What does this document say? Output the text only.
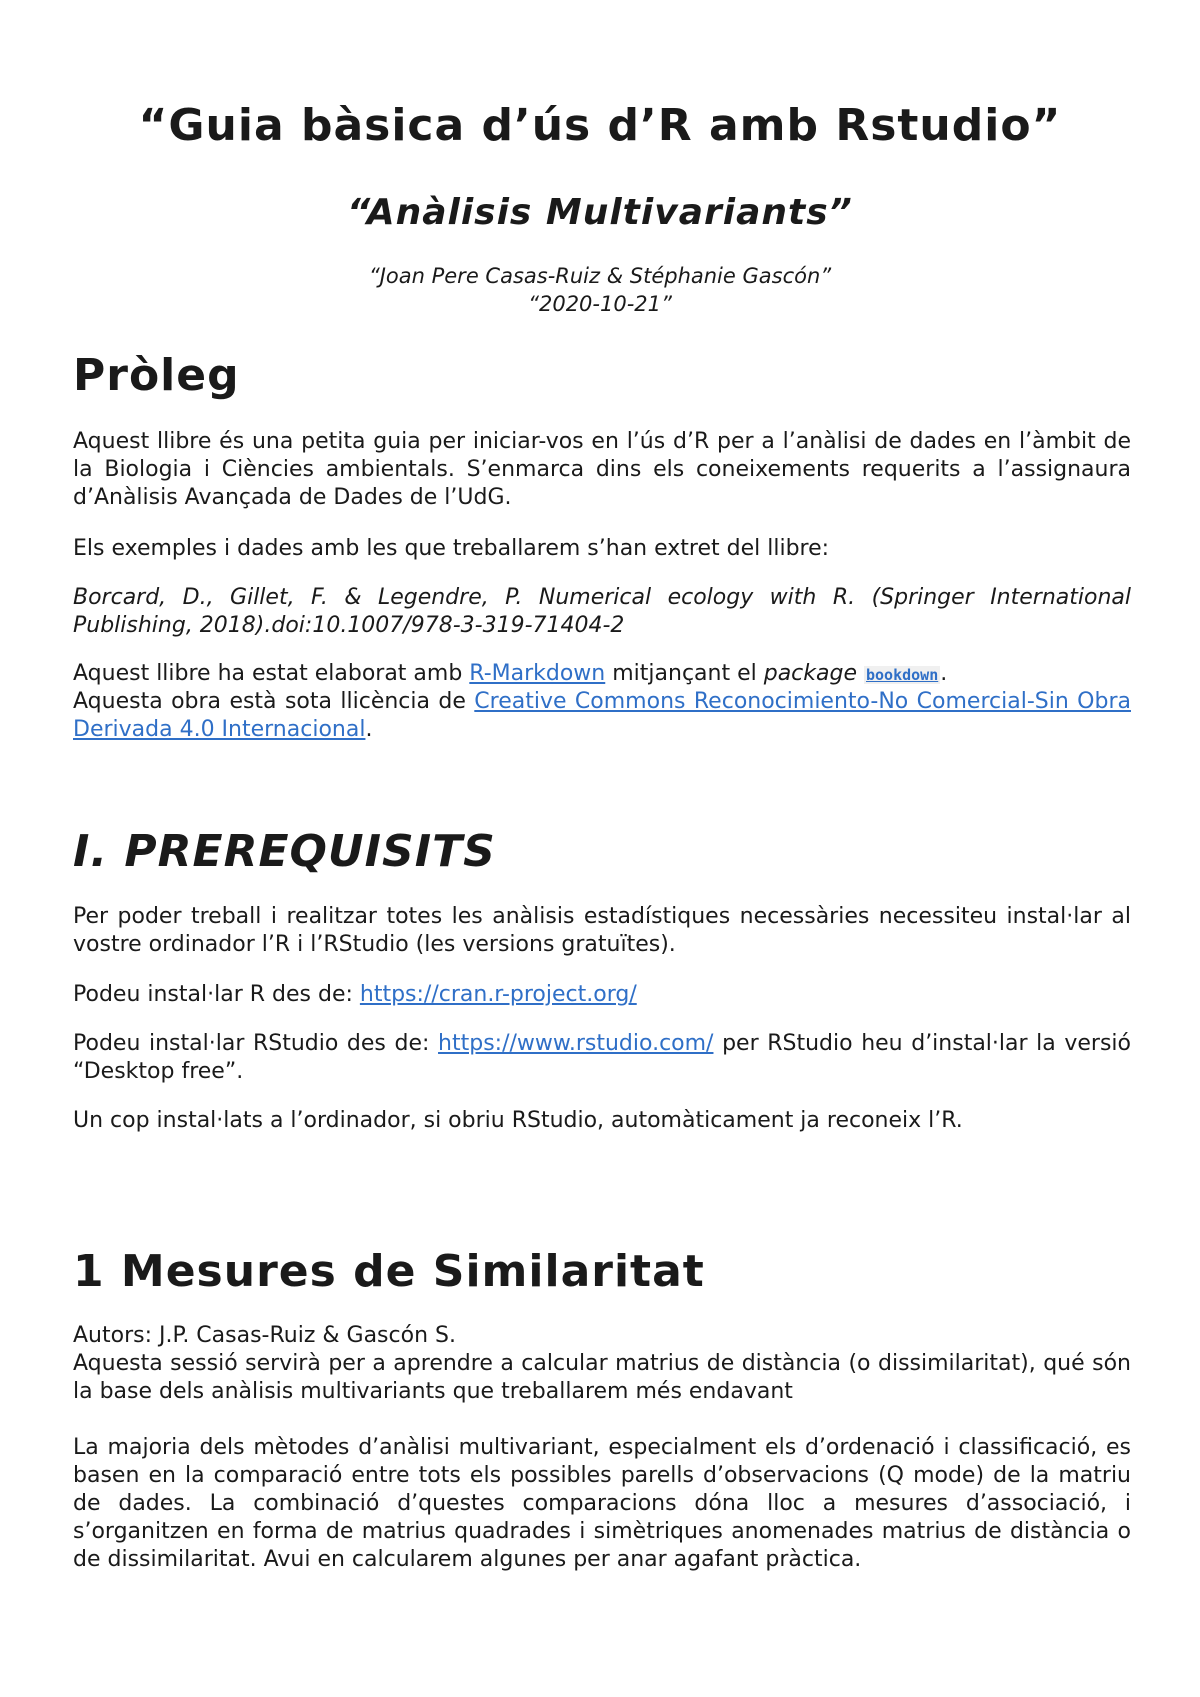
“Guia bàsica d’ús d’R amb Rstudio”
“Anàlisis Multivariants”

“Joan Pere Casas-Ruiz & Stéphanie Gascón”

“2020-10-21”

Pròleg

Aquest llibre és una petita guia per iniciar-vos en l’ús d’R per a l’anàlisi de dades en l’àmbit de la Biologia i Ciències ambientals. S’enmarca dins els coneixements requerits a l’assignaura d’Anàlisis Avançada de Dades de l’UdG.

Els exemples i dades amb les que treballarem s’han extret del llibre:

Borcard, D., Gillet, F. & Legendre, P. Numerical ecology with R. (Springer International Publishing, 2018).doi:10.1007/978-3-319-71404-2

Aquest llibre ha estat elaborat amb R-Markdown mitjançant el package bookdown.

Aquesta obra està sota llicència de Creative Commons Reconocimiento-No Comercial-Sin Obra Derivada 4.0 Internacional.

I. PREREQUISITS

Per poder treball i realitzar totes les anàlisis estadístiques necessàries necessiteu instal·lar al vostre ordinador l’R i l’RStudio (les versions gratuïtes).

Podeu instal·lar R des de: https://cran.r-project.org/

Podeu instal·lar RStudio des de: https://www.rstudio.com/ per RStudio heu d’instal·lar la versió “Desktop free”.

Un cop instal·lats a l’ordinador, si obriu RStudio, automàticament ja reconeix l’R.

1 Mesures de Similaritat

Autors: J.P. Casas-Ruiz & Gascón S.

Aquesta sessió servirà per a aprendre a calcular matrius de distància (o dissimilaritat), qué són la base dels anàlisis multivariants que treballarem més endavant

La majoria dels mètodes d’anàlisi multivariant, especialment els d’ordenació i classificació, es basen en la comparació entre tots els possibles parells d’observacions (Q mode) de la matriu de dades. La combinació d’questes comparacions dóna lloc a mesures d’associació, i s’organitzen en forma de matrius quadrades i simètriques anomenades matrius de distància o de dissimilaritat. Avui en calcularem algunes per anar agafant pràctica.
